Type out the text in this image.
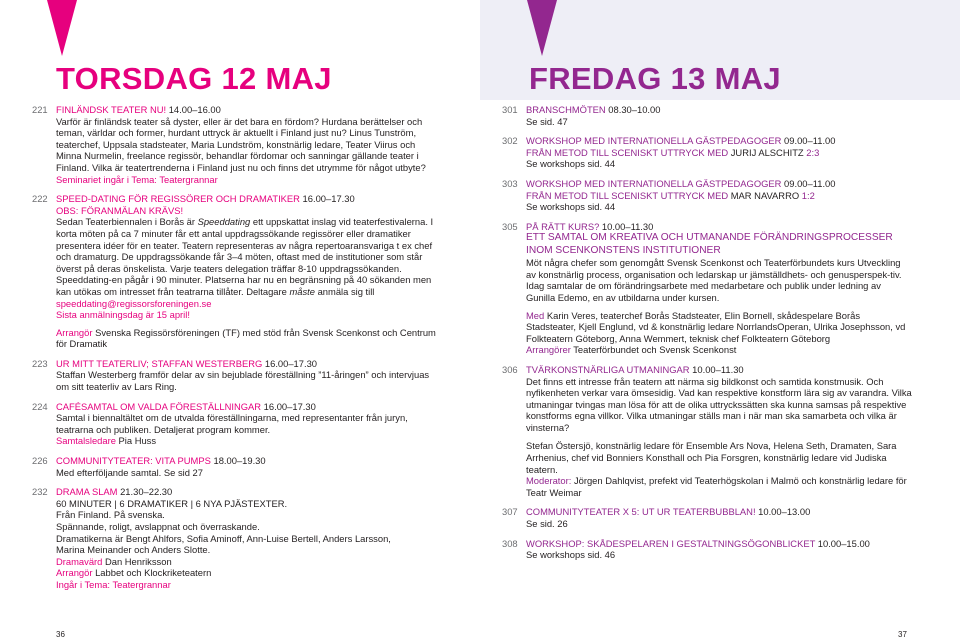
TORSDAG 12 MAJ	FREDAG 13 MAJ
221 FINLÄNDSK TEATER NU! 14.00–16.00

Varför är finländsk teater så dyster, eller är det bara en fördom? Hurdana berättelser och teman, världar och former, hurdant uttryck är aktuellt i Finland just nu? Linus Tunström, teaterchef, Uppsala stadsteater, Maria Lundström, konstnärlig ledare, Teater Viirus och Minna Nurmelin, freelance regissör, behandlar fördomar och sanningar gällande teater i Finland. Vilka är teatertrenderna i Finland just nu och finns det utrymme för något utbyte?

Seminariet ingår i Tema: Teatergrannar

222 SPEED-DATING FÖR REGISSÖRER OCH DRAMATIKER 16.00–17.30

OBS: FÖRANMÄLAN KRÄVS!

Sedan Teaterbiennalen i Borås är Speeddating ett uppskattat inslag vid teaterfestivalerna. I korta möten på ca 7 minuter får ett antal uppdragssökande regissörer eller dramatiker presentera idéer för en teater. Teatern representeras av några repertoaransvariga t ex chef och dramaturg. De uppdragssökande får 3–4 möten, oftast med de institutioner som står överst på deras önskelista. Varje teaters delegation träffar 8-10 uppdragssökanden. Speeddating-en pågår i 90 minuter. Platserna har nu en begränsning på 40 sökanden men kan utökas om intresset från teatrarna tillåter. Deltagare måste anmäla sig till

speeddating@regissorsforeningen.se

Sista anmälningsdag är 15 april!

Arrangör Svenska Regissörsföreningen (TF) med stöd från Svensk Scenkonst och Centrum för Dramatik

223 UR MITT TEATERLIV; STAFFAN WESTERBERG 16.00–17.30

Staffan Westerberg framför delar av sin bejublade föreställning ”11-åringen” och intervjuas om sitt teaterliv av Lars Ring.

224 CAFÉSAMTAL OM VALDA FÖRESTÄLLNINGAR 16.00–17.30

Samtal i biennaltältet om de utvalda föreställningarna, med representanter från juryn, teatrarna och publiken. Detaljerat program kommer.

Samtalsledare Pia Huss

226 COMMUNITYTEATER: VITA PUMPS 18.00–19.30

Med efterföljande samtal. Se sid 27

232 DRAMA SLAM 21.30–22.30

60 MINUTER | 6 DRAMATIKER | 6 NYA PJÄSTEXTER.

Från Finland. På svenska.

Spännande, roligt, avslappnat och överraskande.

Dramatikerna är Bengt Ahlfors, Sofia Aminoff, Ann-Luise Bertell, Anders Larsson,

Marina Meinander och Anders Slotte.

Dramavärd Dan Henriksson

Arrangör Labbet och Klockriketeatern

Ingår i Tema: Teatergrannar

301 BRANSCHMÖTEN 08.30–10.00

Se sid. 47

302 WORKSHOP MED INTERNATIONELLA GÄSTPEDAGOGER 09.00–11.00

FRÅN METOD TILL SCENISKT UTTRYCK MED JURIJ ALSCHITZ 2:3

Se workshops sid. 44

303 WORKSHOP MED INTERNATIONELLA GÄSTPEDAGOGER 09.00–11.00

FRÅN METOD TILL SCENISKT UTTRYCK MED MAR NAVARRO 1:2

Se workshops sid. 44

305 PÅ RÄTT KURS? 10.00–11.30

ETT SAMTAL OM KREATIVA OCH UTMANANDE FÖRÄNDRINGSPROCESSER INOM SCENKONSTENS INSTITUTIONER

Möt några chefer som genomgått Svensk Scenkonst och Teaterförbundets kurs Utveckling av konstnärlig process, organisation och ledarskap ur jämställdhets- och genusperspek-tiv. Idag samtalar de om förändringsarbete med medarbetare och publik under ledning av Gunilla Edemo, en av utbildarna under kursen.

Med Karin Veres, teaterchef Borås Stadsteater, Elin Bornell, skådespelare Borås Stadsteater, Kjell Englund, vd & konstnärlig ledare NorrlandsOperan, Ulrika Josephsson, vd Folkteatern Göteborg, Anna Wemmert, teknisk chef Folkteatern Göteborg

Arrangörer Teaterförbundet och Svensk Scenkonst

306 TVÄRKONSTNÄRLIGA UTMANINGAR 10.00–11.30

Det finns ett intresse från teatern att närma sig bildkonst och samtida konstmusik. Och nyfikenheten verkar vara ömsesidig. Vad kan respektive konstform lära sig av varandra. Vilka utmaningar tvingas man lösa för att de olika uttryckssätten ska kunna samsas på respektive konstforms egna villkor. Vilka utmaningar ställs man i när man ska samarbeta och vilka är vinsterna?

Stefan Östersjö, konstnärlig ledare för Ensemble Ars Nova, Helena Seth, Dramaten, Sara Arrhenius, chef vid Bonniers Konsthall och Pia Forsgren, konstnärlig ledare vid Judiska teatern.

Moderator: Jörgen Dahlqvist, prefekt vid Teaterhögskolan i Malmö och konstnärlig ledare för Teatr Weimar

307 COMMUNITYTEATER X 5: UT UR TEATERBUBBLAN! 10.00–13.00

Se sid. 26

308 WORKSHOP: SKÅDESPELAREN I GESTALTNINGSÖGONBLICKET 10.00–15.00

Se workshops sid. 46

36	37
